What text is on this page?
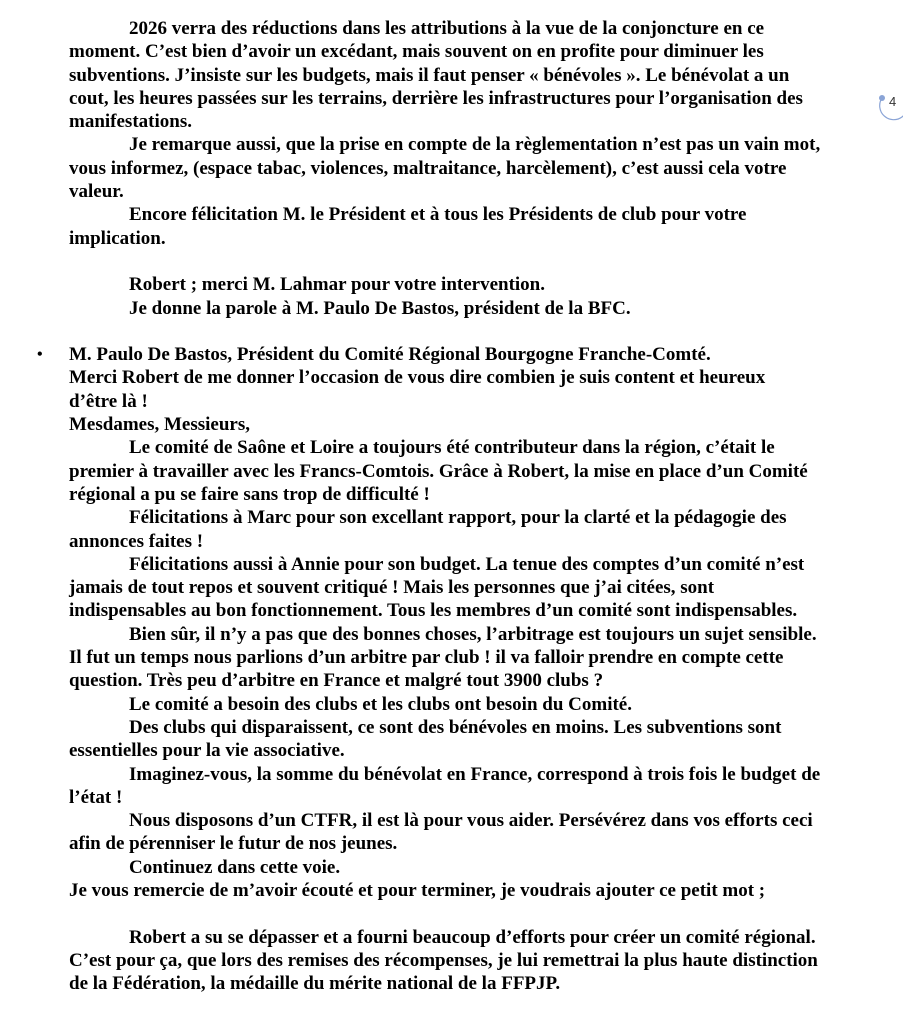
2026 verra des réductions dans les attributions à la vue de la conjoncture en ce
moment. C’est bien d’avoir un excédant, mais souvent on en profite pour diminuer les
subventions. J’insiste sur les budgets, mais il faut penser « bénévoles ». Le bénévolat a un
cout, les heures passées sur les terrains, derrière les infrastructures pour l’organisation des
manifestations.
Je remarque aussi, que la prise en compte de la règlementation n’est pas un vain mot,
vous informez, (espace tabac, violences, maltraitance, harcèlement), c’est aussi cela votre
valeur.
Encore félicitation M. le Président et à tous les Présidents de club pour votre
implication.
Robert ; merci M. Lahmar pour votre intervention.
Je donne la parole à M. Paulo De Bastos, président de la BFC.
• M. Paulo De Bastos, Président du Comité Régional Bourgogne Franche-Comté.
Merci Robert de me donner l’occasion de vous dire combien je suis content et heureux
d’être là !
Mesdames, Messieurs,
Le comité de Saône et Loire a toujours été contributeur dans la région, c’était le
premier à travailler avec les Francs-Comtois. Grâce à Robert, la mise en place d’un Comité
régional a pu se faire sans trop de difficulté !
Félicitations à Marc pour son excellant rapport, pour la clarté et la pédagogie des
annonces faites !
Félicitations aussi à Annie pour son budget. La tenue des comptes d’un comité n’est
jamais de tout repos et souvent critiqué ! Mais les personnes que j’ai citées, sont
indispensables au bon fonctionnement. Tous les membres d’un comité sont indispensables.
Bien sûr, il n’y a pas que des bonnes choses, l’arbitrage est toujours un sujet sensible.
Il fut un temps nous parlions d’un arbitre par club ! il va falloir prendre en compte cette
question. Très peu d’arbitre en France et malgré tout 3900 clubs ?
Le comité a besoin des clubs et les clubs ont besoin du Comité.
Des clubs qui disparaissent, ce sont des bénévoles en moins. Les subventions sont
essentielles pour la vie associative.
Imaginez-vous, la somme du bénévolat en France, correspond à trois fois le budget de
l’état !
Nous disposons d’un CTFR, il est là pour vous aider. Persévérez dans vos efforts ceci
afin de pérenniser le futur de nos jeunes.
Continuez dans cette voie.
Je vous remercie de m’avoir écouté et pour terminer, je voudrais ajouter ce petit mot ;
Robert a su se dépasser et a fourni beaucoup d’efforts pour créer un comité régional.
C’est pour ça, que lors des remises des récompenses, je lui remettrai la plus haute distinction
de la Fédération, la médaille du mérite national de la FFPJP.
4
